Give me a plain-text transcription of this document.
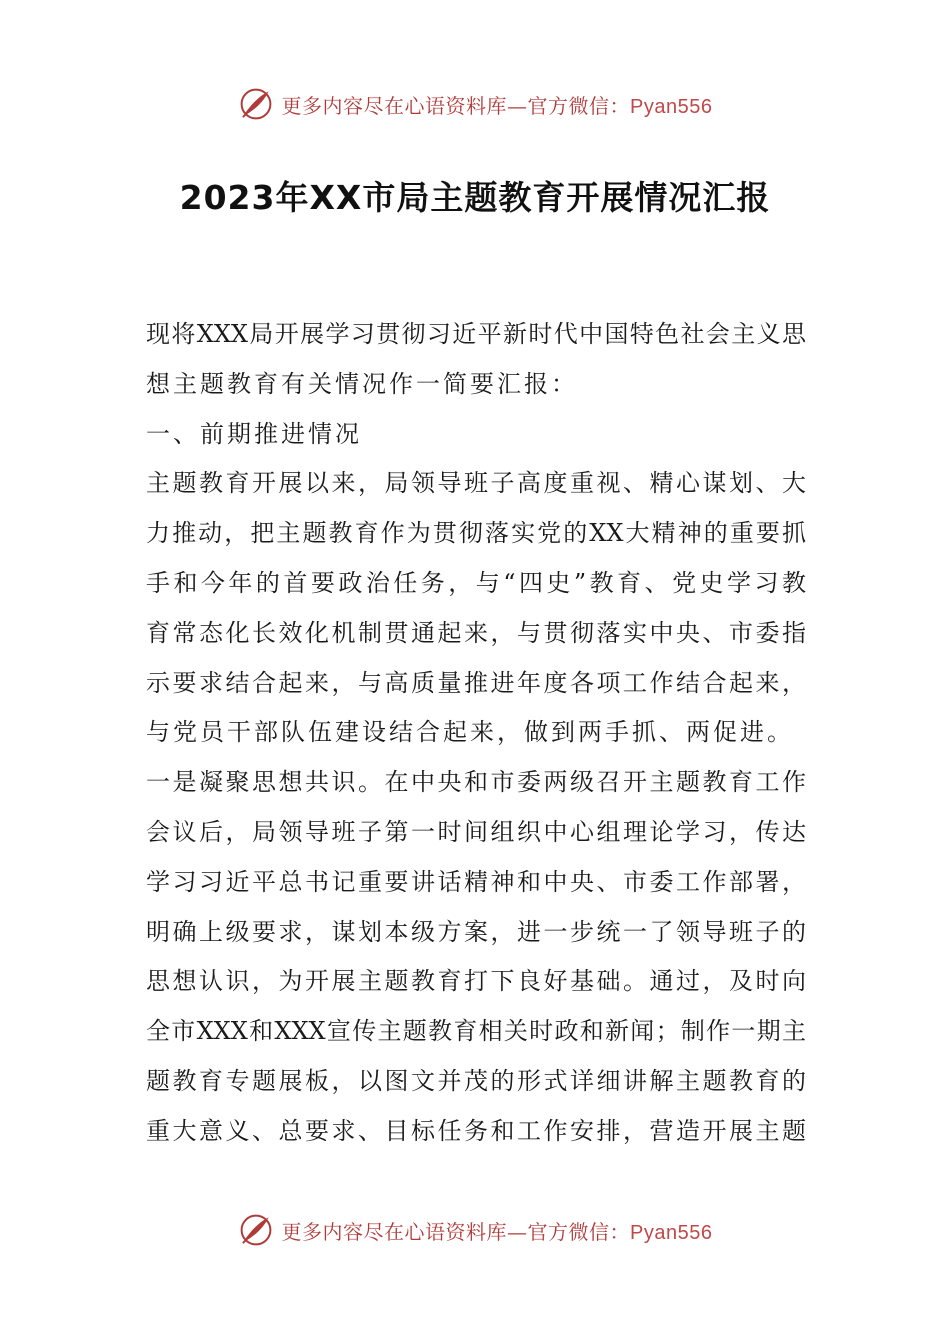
更多内容尽在心语资料库—官方微信：Pyan556
2023年XX市局主题教育开展情况汇报
现将XXX局开展学习贯彻习近平新时代中国特色社会主义思
想主题教育有关情况作一简要汇报：
一、前期推进情况
主题教育开展以来，局领导班子高度重视、精心谋划、大
力推动，把主题教育作为贯彻落实党的XX大精神的重要抓
手和今年的首要政治任务，与“四史”教育、党史学习教
育常态化长效化机制贯通起来，与贯彻落实中央、市委指
示要求结合起来，与高质量推进年度各项工作结合起来，
与党员干部队伍建设结合起来，做到两手抓、两促进。
一是凝聚思想共识。在中央和市委两级召开主题教育工作
会议后，局领导班子第一时间组织中心组理论学习，传达
学习习近平总书记重要讲话精神和中央、市委工作部署，
明确上级要求，谋划本级方案，进一步统一了领导班子的
思想认识，为开展主题教育打下良好基础。通过，及时向
全市XXX和XXX宣传主题教育相关时政和新闻；制作一期主
题教育专题展板，以图文并茂的形式详细讲解主题教育的
重大意义、总要求、目标任务和工作安排，营造开展主题
更多内容尽在心语资料库—官方微信：Pyan556
